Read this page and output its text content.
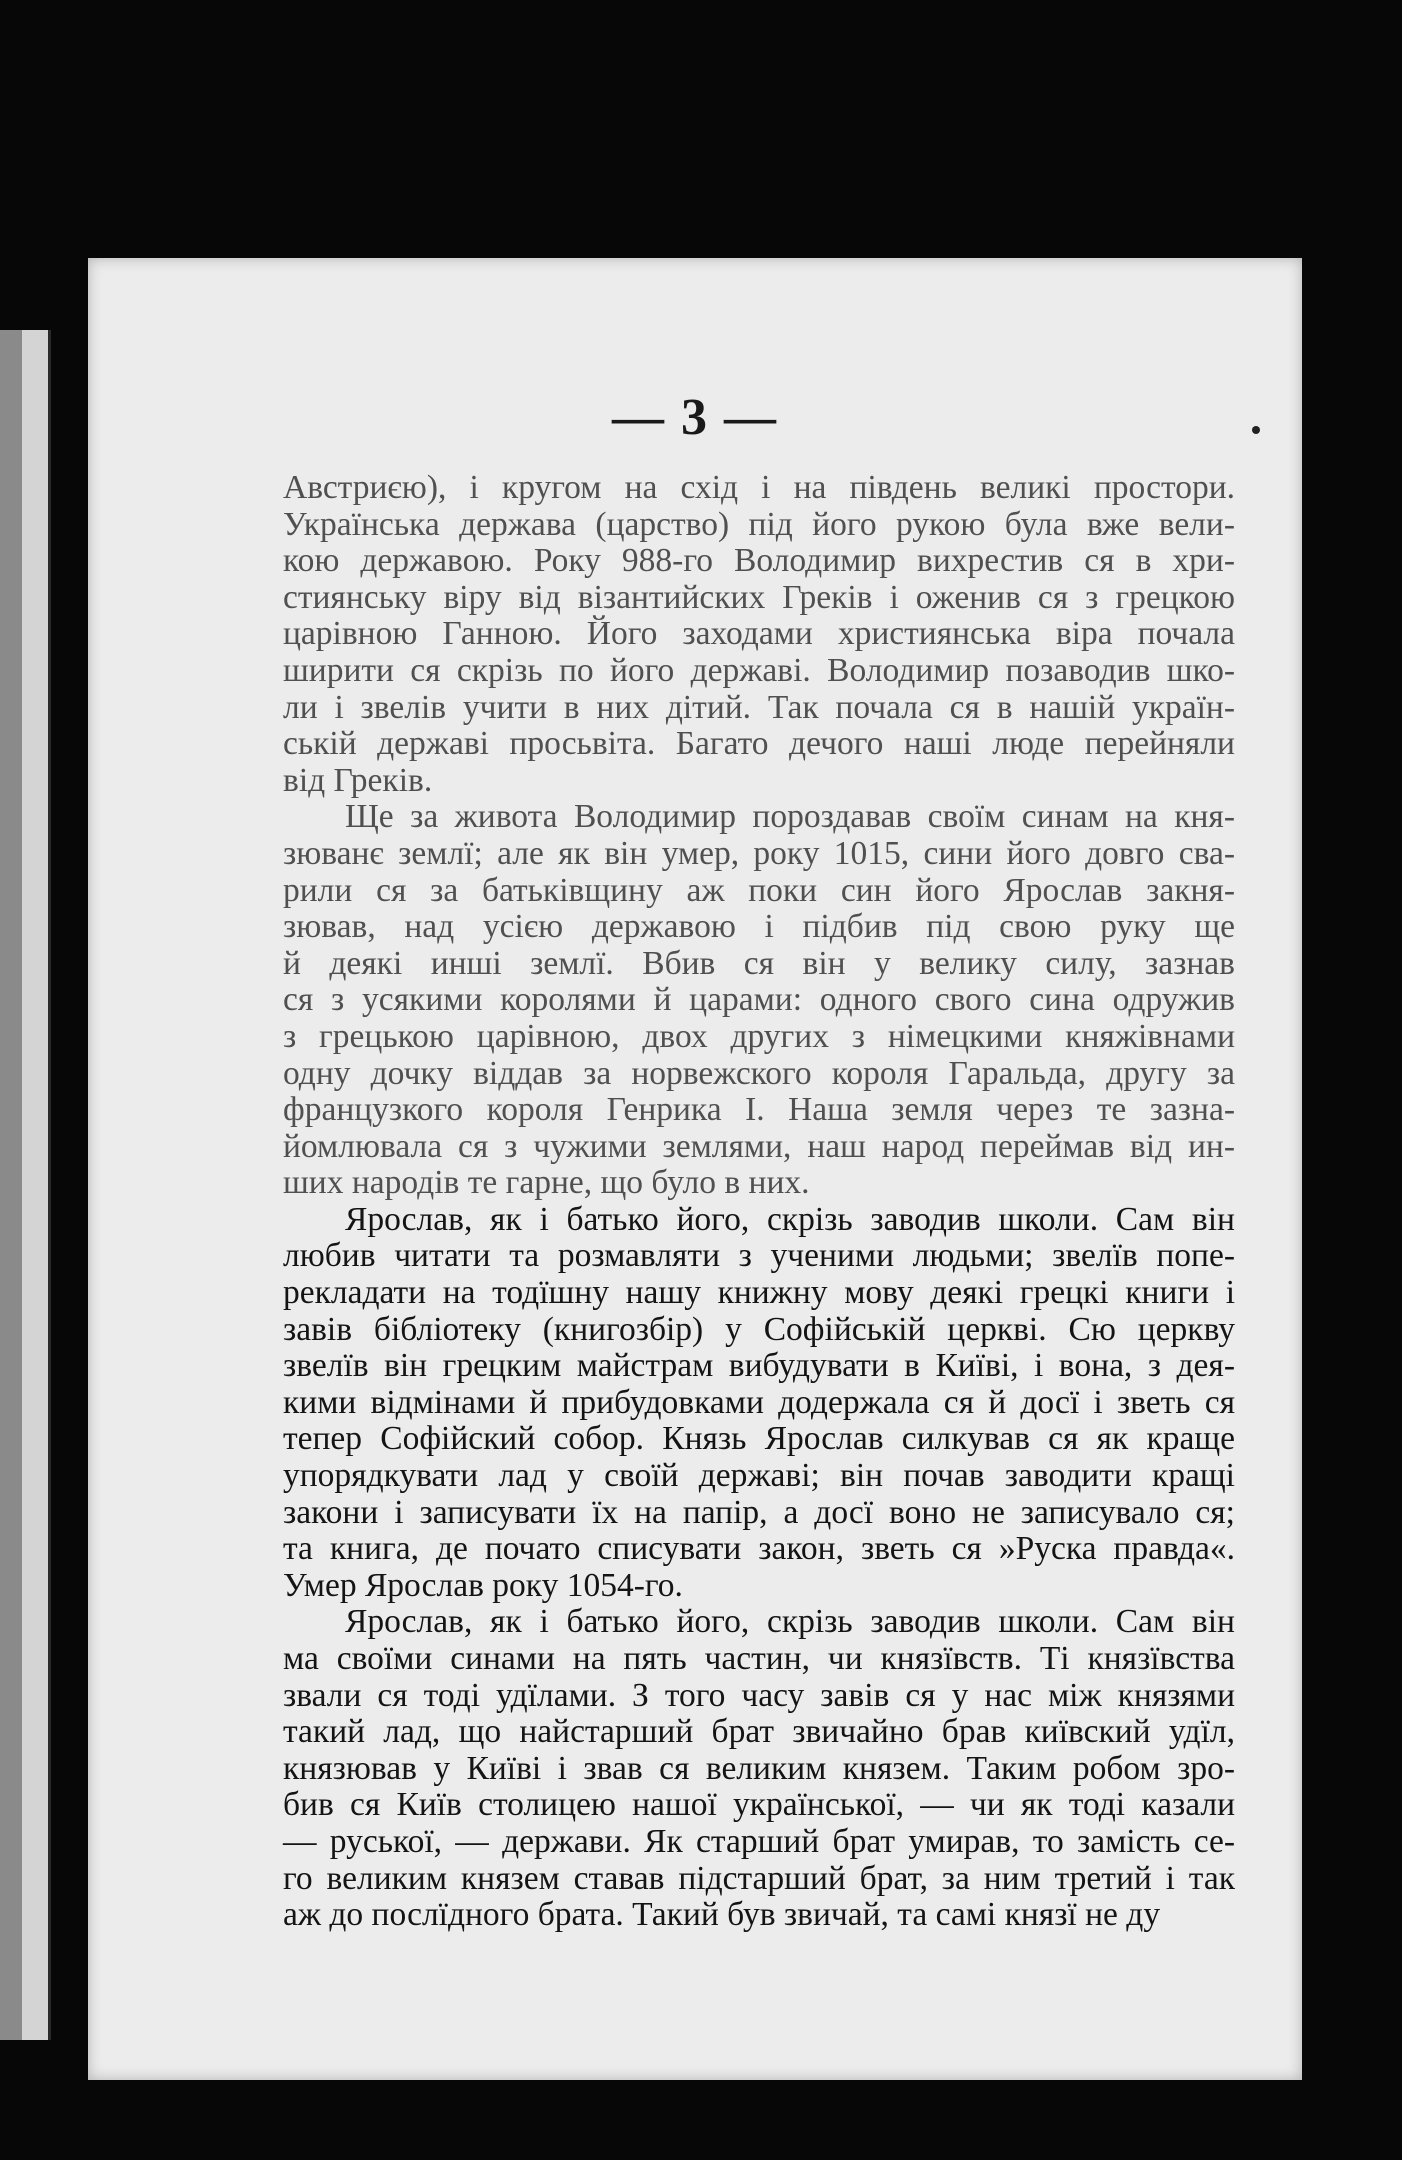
— 3 —
Австриєю), і кругом на схід і на південь великі простори.
Українська держава (царство) під його рукою була вже вели-
кою державою. Року 988-го Володимир вихрестив ся в хри-
стиянську віру від візантийских Греків і оженив ся з грецкою
царівною Ганною. Його заходами християнська віра почала
ширити ся скрізь по його державі. Володимир позаводив шко-
ли і звелів учити в них дітий. Так почала ся в нашій україн-
ській державі просьвіта. Багато дечого наші люде перейняли
від Греків.
Ще за живота Володимир пороздавав своїм синам на кня-
зюванє землї; але як він умер, року 1015, сини його довго сва-
рили ся за батьківщину аж поки син його Ярослав закня-
зював, над усією державою і підбив під свою руку ще
й деякі инші землї. Вбив ся він у велику силу, зазнав
ся з усякими королями й царами: одного свого сина одружив
з грецькою царівною, двох других з німецкими княжівнами
одну дочку віддав за норвежского короля Гаральда, другу за
французкого короля Генрика І. Наша земля через те зазна-
йомлювала ся з чужими землями, наш народ переймав від ин-
ших народів те гарне, що було в них.
Ярослав, як і батько його, скрізь заводив школи. Сам він
любив читати та розмавляти з ученими людьми; звелїв попе-
рекладати на тодїшну нашу книжну мову деякі грецкі книги і
завів бібліотеку (книгозбір) у Софійській церкві. Сю церкву
звелїв він грецким майстрам вибудувати в Київі, і вона, з дея-
кими відмінами й прибудовками додержала ся й досї і зветь ся
тепер Софійский собор. Князь Ярослав силкував ся як краще
упорядкувати лад у своїй державі; він почав заводити кращі
закони і записувати їх на папір, а досї воно не записувало ся;
та книга, де почато списувати закон, зветь ся »Руска правда«.
Умер Ярослав року 1054-го.
Ярослав, як і батько його, скрізь заводив школи. Сам він
ма своїми синами на пять частин, чи князївств. Ті князївства
звали ся тоді удїлами. З того часу завів ся у нас між князями
такий лад, що найстарший брат звичайно брав київский удїл,
князював у Київі і звав ся великим князем. Таким робом зро-
бив ся Київ столицею нашої української, — чи як тоді казали
— руської, — держави. Як старший брат умирав, то замість се-
го великим князем ставав підстарший брат, за ним третий і так
аж до послїдного брата. Такий був звичай, та самі князї не ду
